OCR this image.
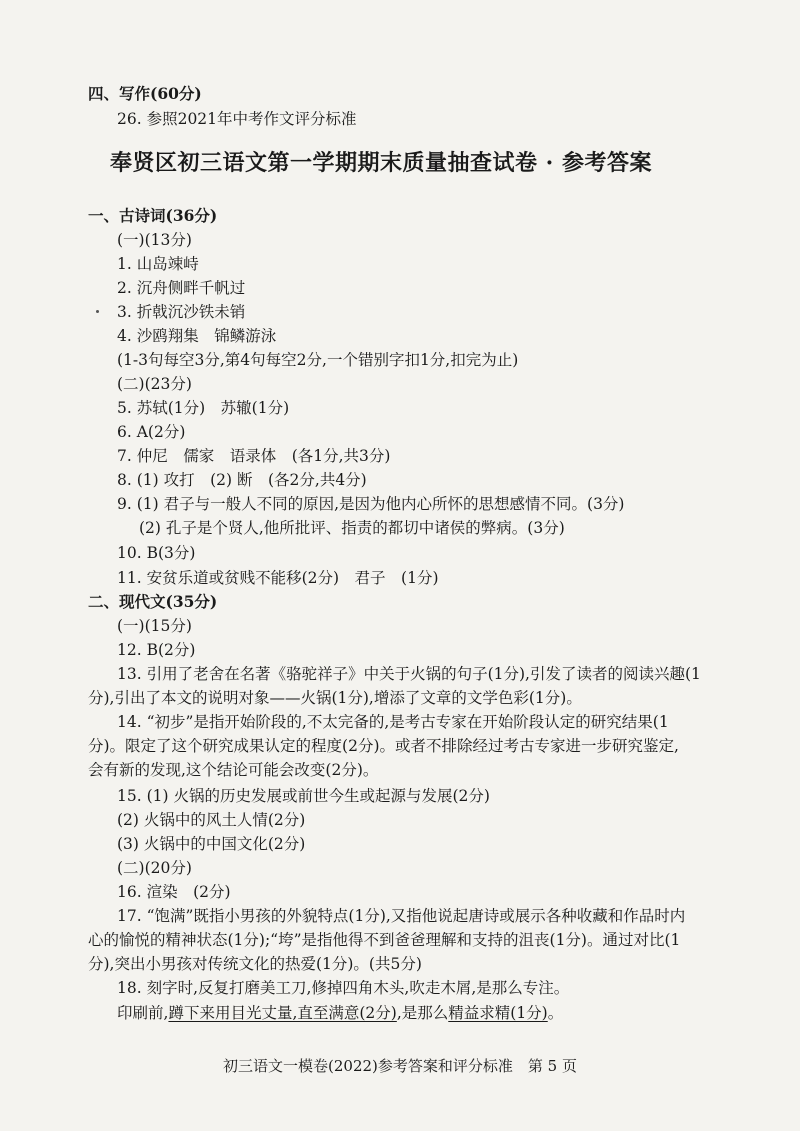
四、写作(60分)
26. 参照2021年中考作文评分标准
奉贤区初三语文第一学期期末质量抽查试卷 · 参考答案
一、古诗词(36分)
(一)(13分)
1. 山岛竦峙
2. 沉舟侧畔千帆过
3. 折戟沉沙铁未销
4. 沙鸥翔集　锦鳞游泳
(1-3句每空3分,第4句每空2分,一个错别字扣1分,扣完为止)
(二)(23分)
5. 苏轼(1分)　苏辙(1分)
6. A(2分)
7. 仲尼　儒家　语录体　(各1分,共3分)
8. (1) 攻打　(2) 断　(各2分,共4分)
9. (1) 君子与一般人不同的原因,是因为他内心所怀的思想感情不同。(3分)
(2) 孔子是个贤人,他所批评、指责的都切中诸侯的弊病。(3分)
10. B(3分)
11. 安贫乐道或贫贱不能移(2分)　君子　(1分)
二、现代文(35分)
(一)(15分)
12. B(2分)
13. 引用了老舍在名著《骆驼祥子》中关于火锅的句子(1分),引发了读者的阅读兴趣(1
分),引出了本文的说明对象——火锅(1分),增添了文章的文学色彩(1分)。
14. “初步”是指开始阶段的,不太完备的,是考古专家在开始阶段认定的研究结果(1
分)。限定了这个研究成果认定的程度(2分)。或者不排除经过考古专家进一步研究鉴定,
会有新的发现,这个结论可能会改变(2分)。
15. (1) 火锅的历史发展或前世今生或起源与发展(2分)
(2) 火锅中的风土人情(2分)
(3) 火锅中的中国文化(2分)
(二)(20分)
16. 渲染　(2分)
17. “饱满”既指小男孩的外貌特点(1分),又指他说起唐诗或展示各种收藏和作品时内
心的愉悦的精神状态(1分);“垮”是指他得不到爸爸理解和支持的沮丧(1分)。通过对比(1
分),突出小男孩对传统文化的热爱(1分)。(共5分)
18. 刻字时,反复打磨美工刀,修掉四角木头,吹走木屑,是那么专注。
印刷前,蹲下来用目光丈量,直至满意(2分),是那么精益求精(1分)。
初三语文一模卷(2022)参考答案和评分标准　第 5 页
